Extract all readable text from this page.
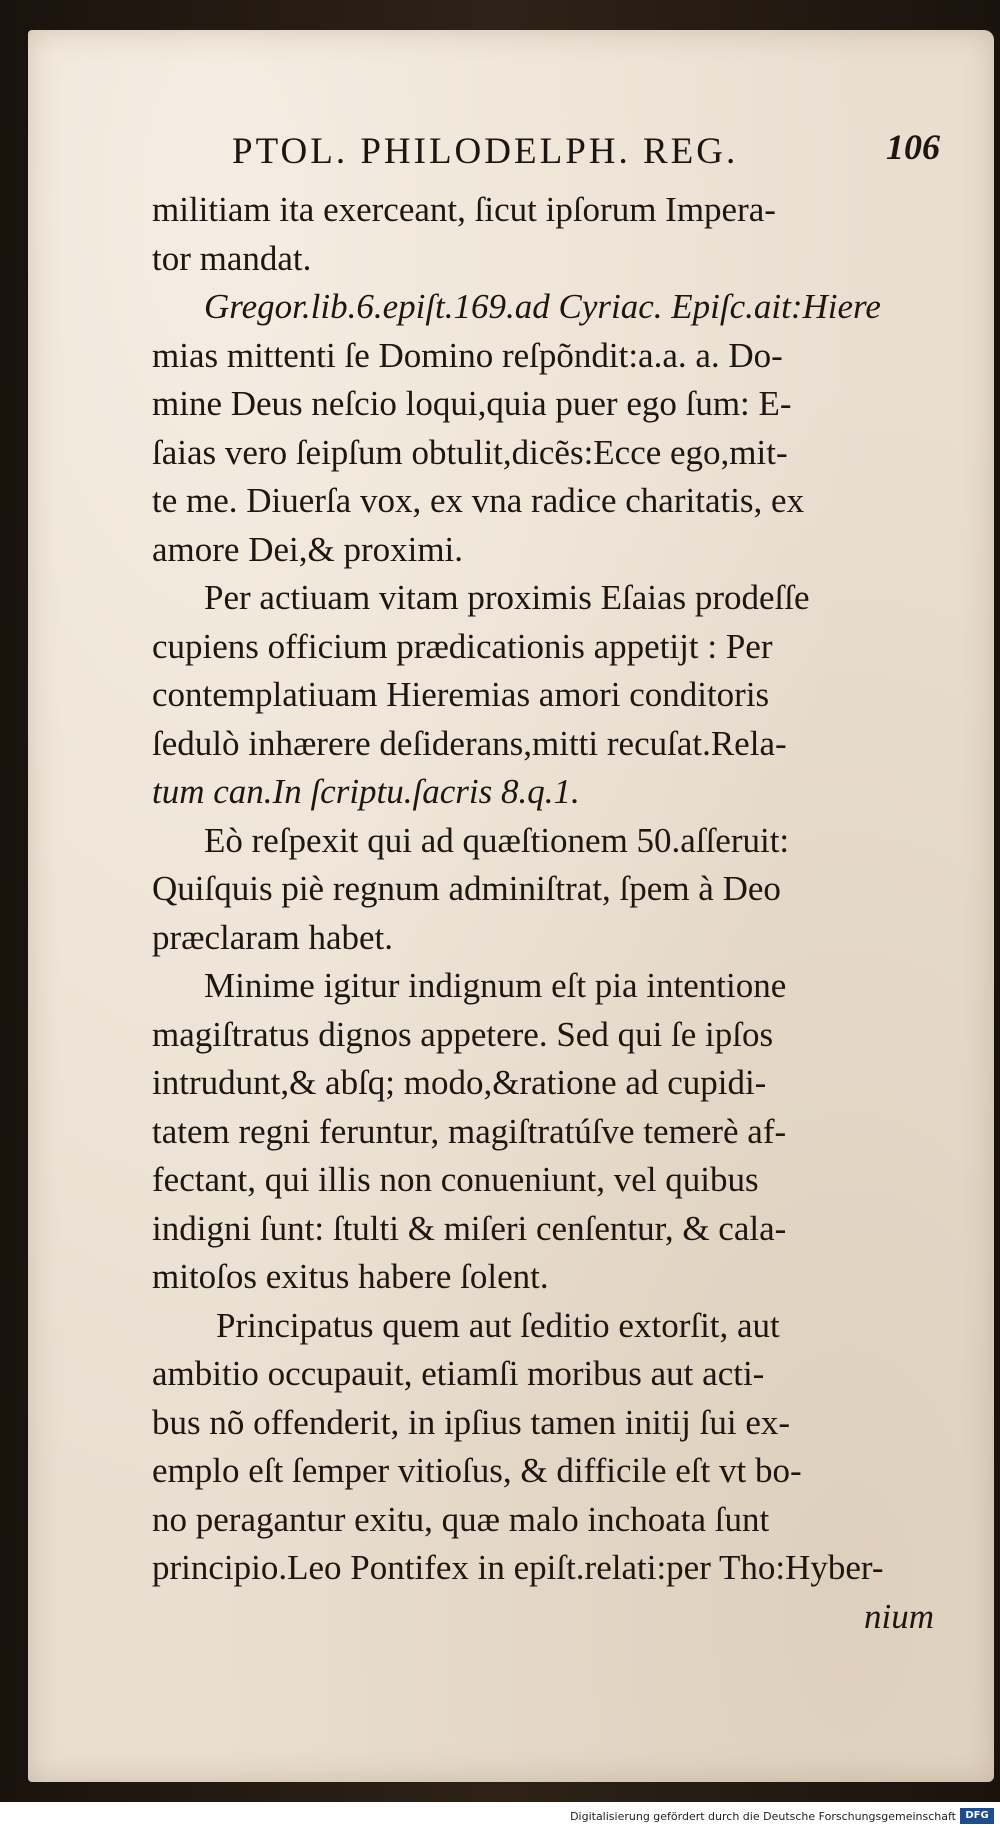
PTOL. PHILODELPH. REG.	106
militiam ita exerceant, ſicut ipſorum Impera-
tor mandat.
Gregor.lib.6.epiſt.169.ad Cyriac. Epiſc.ait:Hiere
mias mittenti ſe Domino reſpõndit:a.a. a. Do-
mine Deus neſcio loqui,quia puer ego ſum: E-
ſaias vero ſeipſum obtulit,dicẽs:Ecce ego,mit-
te me. Diuerſa vox, ex vna radice charitatis, ex
amore Dei,& proximi.
Per actiuam vitam proximis Eſaias prodeſſe
cupiens officium prædicationis appetijt : Per
contemplatiuam Hieremias amori conditoris
ſedulò inhærere deſiderans,mitti recuſat.Rela-
tum can.In ſcriptu.ſacris 8.q.1.
Eò reſpexit qui ad quæſtionem 50.aſſeruit:
Quiſquis piè regnum adminiſtrat, ſpem à Deo
præclaram habet.
Minime igitur indignum eſt pia intentione
magiſtratus dignos appetere. Sed qui ſe ipſos
intrudunt,& abſq; modo,&ratione ad cupidi-
tatem regni feruntur, magiſtratúſve temerè af-
fectant, qui illis non conueniunt, vel quibus
indigni ſunt: ſtulti & miſeri cenſentur, & cala-
mitoſos exitus habere ſolent.
Principatus quem aut ſeditio extorſit, aut
ambitio occupauit, etiamſi moribus aut acti-
bus nõ offenderit, in ipſius tamen initij ſui ex-
emplo eſt ſemper vitioſus, & difficile eſt vt bo-
no peragantur exitu, quæ malo inchoata ſunt
principio.Leo Pontifex in epiſt.relati:per Tho:Hyber-
nium
Digitalisierung gefördert durch die Deutsche Forschungsgemeinschaft DFG
